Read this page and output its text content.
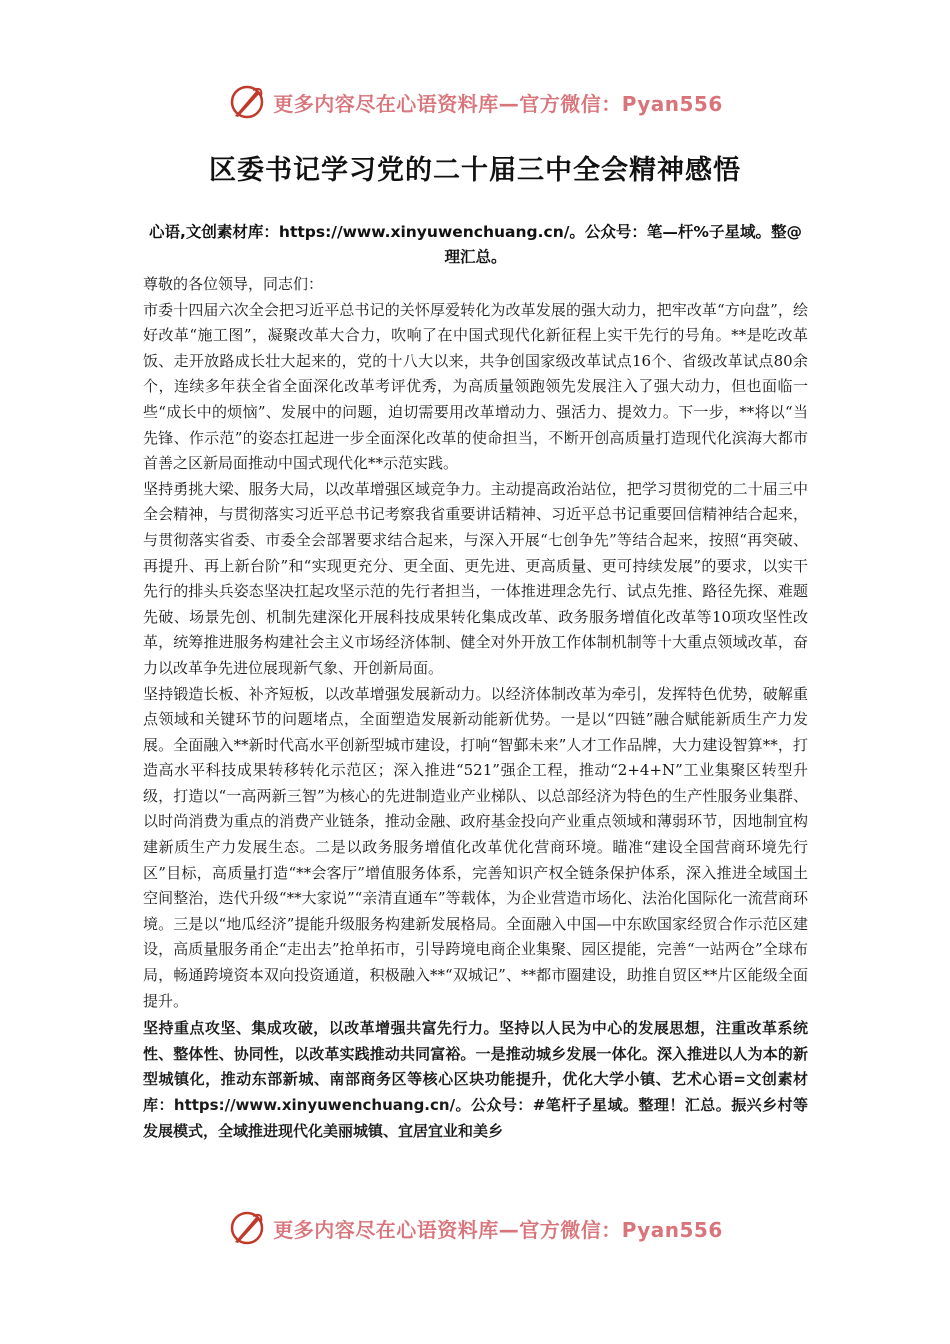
更多内容尽在心语资料库—官方微信：Pyan556
区委书记学习党的二十届三中全会精神感悟
心语,文创素材库：https://www.xinyuwenchuang.cn/。公众号：笔—杆%子星域。整@理汇总。

尊敬的各位领导，同志们：

市委十四届六次全会把习近平总书记的关怀厚爱转化为改革发展的强大动力，把牢改革“方向盘”，绘好改革“施工图”，凝聚改革大合力，吹响了在中国式现代化新征程上实干先行的号角。**是吃改革饭、走开放路成长壮大起来的，党的十八大以来，共争创国家级改革试点16个、省级改革试点80余个，连续多年获全省全面深化改革考评优秀，为高质量领跑领先发展注入了强大动力，但也面临一些“成长中的烦恼”、发展中的问题，迫切需要用改革增动力、强活力、提效力。下一步，**将以“当先锋、作示范”的姿态扛起进一步全面深化改革的使命担当，不断开创高质量打造现代化滨海大都市首善之区新局面推动中国式现代化**示范实践。

坚持勇挑大梁、服务大局，以改革增强区域竞争力。主动提高政治站位，把学习贯彻党的二十届三中全会精神，与贯彻落实习近平总书记考察我省重要讲话精神、习近平总书记重要回信精神结合起来，与贯彻落实省委、市委全会部署要求结合起来，与深入开展“七创争先”等结合起来，按照“再突破、再提升、再上新台阶”和“实现更充分、更全面、更先进、更高质量、更可持续发展”的要求，以实干先行的排头兵姿态坚决扛起攻坚示范的先行者担当，一体推进理念先行、试点先推、路径先探、难题先破、场景先创、机制先建深化开展科技成果转化集成改革、政务服务增值化改革等10项攻坚性改革，统筹推进服务构建社会主义市场经济体制、健全对外开放工作体制机制等十大重点领域改革，奋力以改革争先进位展现新气象、开创新局面。

坚持锻造长板、补齐短板，以改革增强发展新动力。以经济体制改革为牵引，发挥特色优势，破解重点领域和关键环节的问题堵点，全面塑造发展新动能新优势。一是以“四链”融合赋能新质生产力发展。全面融入**新时代高水平创新型城市建设，打响“智鄞未来”人才工作品牌，大力建设智算**，打造高水平科技成果转移转化示范区；深入推进“521”强企工程，推动“2+4+N”工业集聚区转型升级，打造以“一高两新三智”为核心的先进制造业产业梯队、以总部经济为特色的生产性服务业集群、以时尚消费为重点的消费产业链条，推动金融、政府基金投向产业重点领域和薄弱环节，因地制宜构建新质生产力发展生态。二是以政务服务增值化改革优化营商环境。瞄准“建设全国营商环境先行区”目标，高质量打造“**会客厅”增值服务体系，完善知识产权全链条保护体系，深入推进全域国土空间整治，迭代升级“**大家说”“亲清直通车”等载体，为企业营造市场化、法治化国际化一流营商环境。三是以“地瓜经济”提能升级服务构建新发展格局。全面融入中国—中东欧国家经贸合作示范区建设，高质量服务甬企“走出去”抢单拓市，引导跨境电商企业集聚、园区提能，完善“一站两仓”全球布局，畅通跨境资本双向投资通道，积极融入**“双城记”、**都市圈建设，助推自贸区**片区能级全面提升。

坚持重点攻坚、集成攻破，以改革增强共富先行力。坚持以人民为中心的发展思想，注重改革系统性、整体性、协同性，以改革实践推动共同富裕。一是推动城乡发展一体化。深入推进以人为本的新型城镇化，推动东部新城、南部商务区等核心区块功能提升，优化大学小镇、艺术心语=文创素材库：https://www.xinyuwenchuang.cn/。公众号：#笔杆子星域。整理！汇总。振兴乡村等发展模式，全域推进现代化美丽城镇、宜居宜业和美乡

更多内容尽在心语资料库—官方微信：Pyan556
